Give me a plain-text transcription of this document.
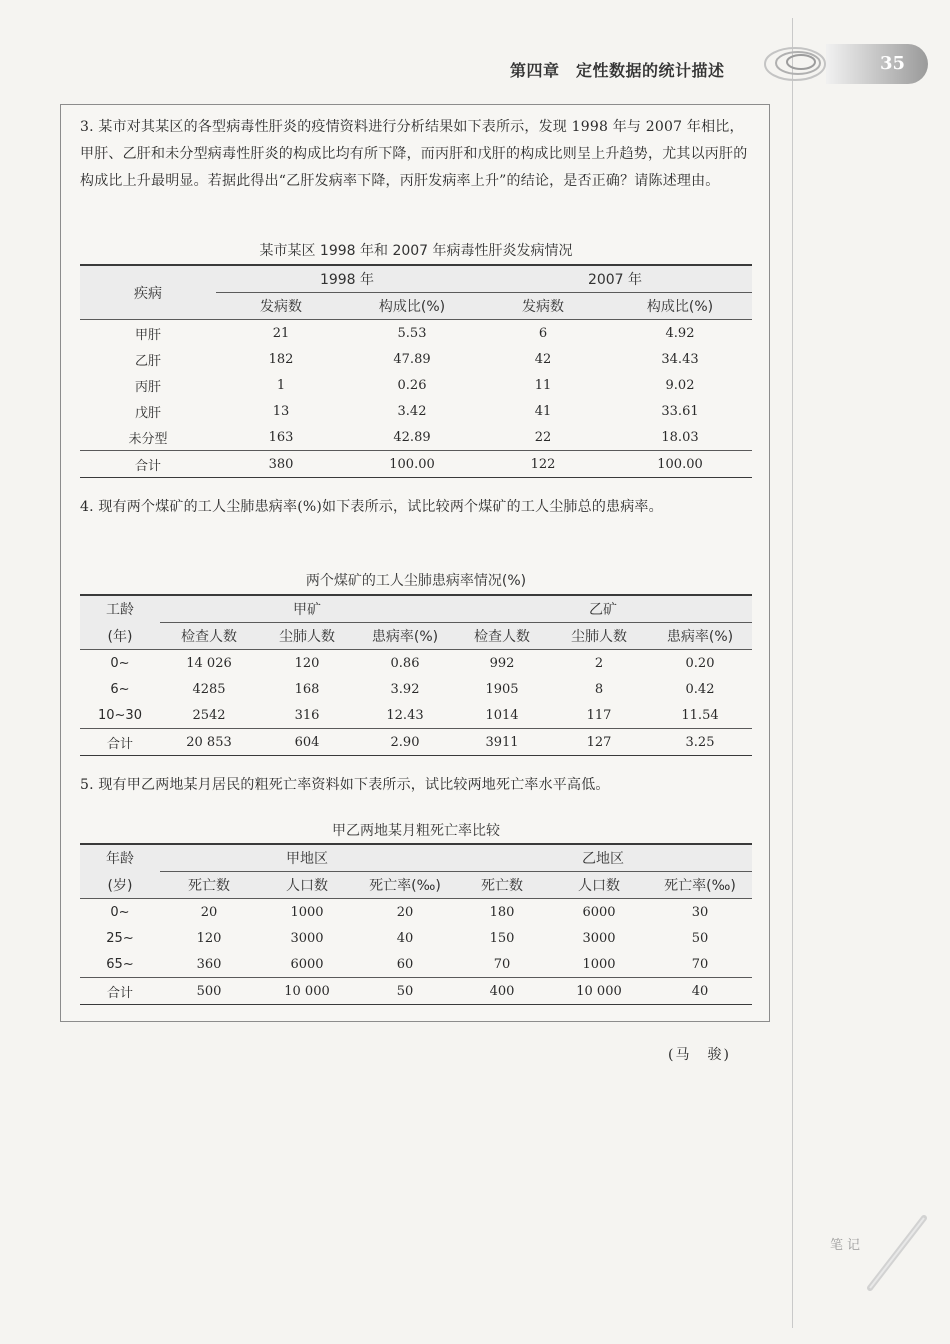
第四章　定性数据的统计描述	35

3. 某市对其某区的各型病毒性肝炎的疫情资料进行分析结果如下表所示，发现 1998 年与 2007 年相比，甲肝、乙肝和未分型病毒性肝炎的构成比均有所下降，而丙肝和戊肝的构成比则呈上升趋势，尤其以丙肝的构成比上升最明显。若据此得出“乙肝发病率下降，丙肝发病率上升”的结论，是否正确？请陈述理由。

某市某区 1998 年和 2007 年病毒性肝炎发病情况
疾病	1998 年		2007 年	
	发病数	构成比(%)	发病数	构成比(%)
甲肝	21	5.53	6	4.92
乙肝	182	47.89	42	34.43
丙肝	1	0.26	11	9.02
戊肝	13	3.42	41	33.61
未分型	163	42.89	22	18.03
合计	380	100.00	122	100.00

4. 现有两个煤矿的工人尘肺患病率(%)如下表所示，试比较两个煤矿的工人尘肺总的患病率。

两个煤矿的工人尘肺患病率情况(%)
工龄	甲矿			乙矿		
(年)	检查人数	尘肺人数	患病率(%)	检查人数	尘肺人数	患病率(%)
0~	14 026	120	0.86	992	2	0.20
6~	4285	168	3.92	1905	8	0.42
10~30	2542	316	12.43	1014	117	11.54
合计	20 853	604	2.90	3911	127	3.25

5. 现有甲乙两地某月居民的粗死亡率资料如下表所示，试比较两地死亡率水平高低。

甲乙两地某月粗死亡率比较
年龄	甲地区			乙地区		
(岁)	死亡数	人口数	死亡率(‰)	死亡数	人口数	死亡率(‰)
0~	20	1000	20	180	6000	30
25~	120	3000	40	150	3000	50
65~	360	6000	60	70	1000	70
合计	500	10 000	50	400	10 000	40
(马　骏)
笔记
